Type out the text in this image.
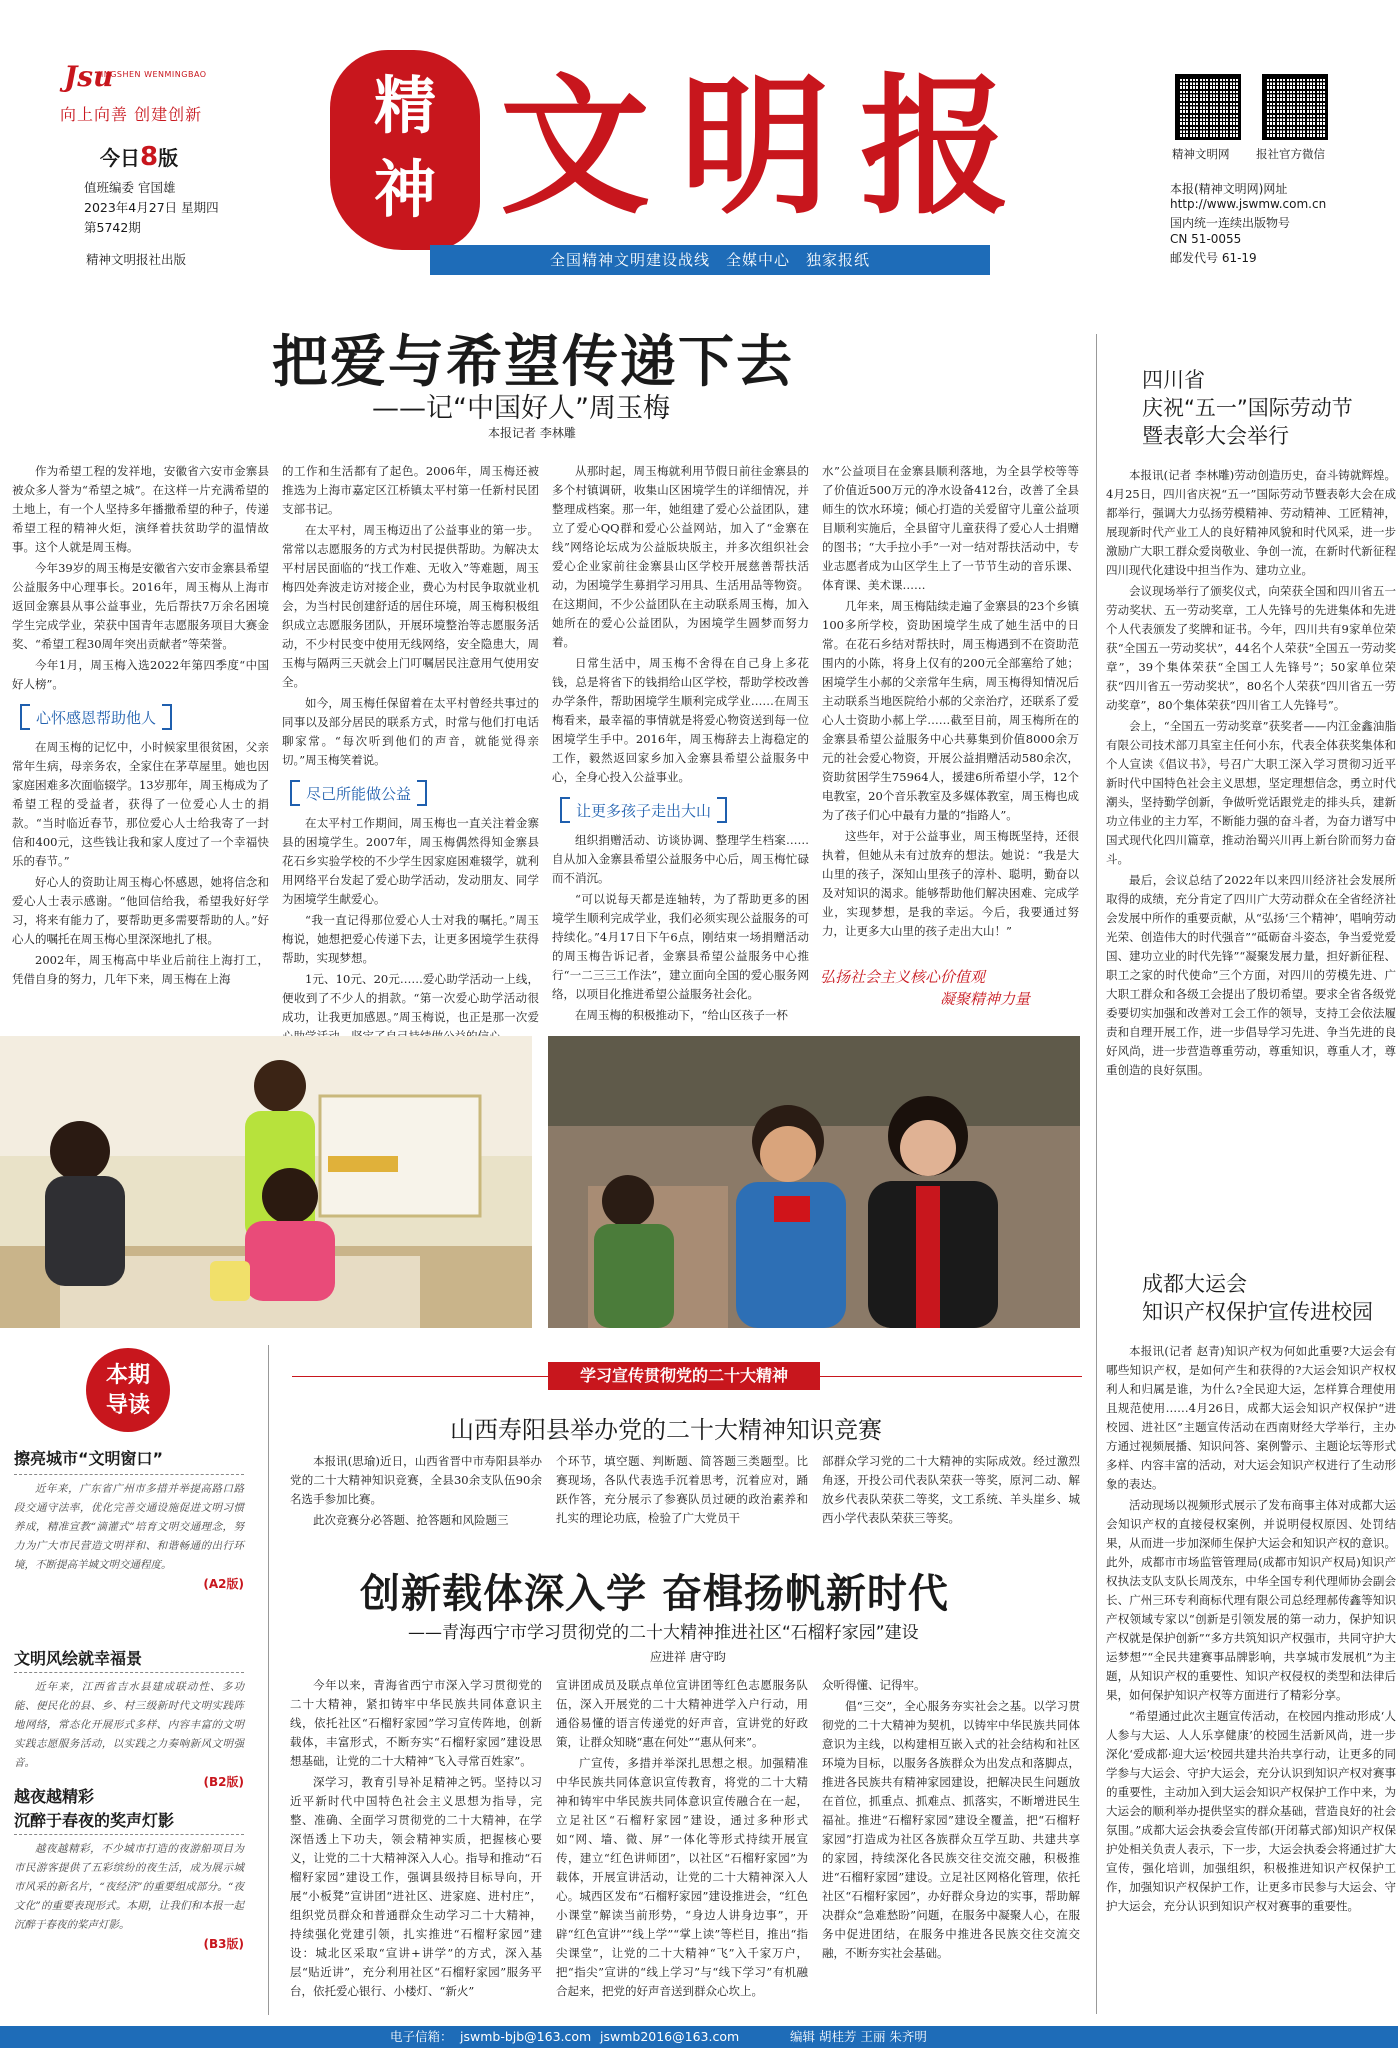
Jsu
JINGSHEN WENMINGBAO
向上向善 创建创新
今日8版
值班编委 官国雄
2023年4月27日 星期四
第5742期
精神文明报社出版
精神 文明报
全国精神文明建设战线　全媒中心　独家报纸
精神文明网 报社官方微信
本报(精神文明网)网址
http://www.jswmw.com.cn
国内统一连续出版物号
CN 51-0055
邮发代号 61-19
把爱与希望传递下去
——记“中国好人”周玉梅
本报记者 李林雕

作为希望工程的发祥地，安徽省六安市金寨县被众多人誉为“希望之城”。在这样一片充满希望的土地上，有一个人坚持多年播撒希望的种子，传递希望工程的精神火炬，演绎着扶贫助学的温情故事。这个人就是周玉梅。

今年39岁的周玉梅是安徽省六安市金寨县希望公益服务中心理事长。2016年，周玉梅从上海市返回金寨县从事公益事业，先后帮扶7万余名困境学生完成学业，荣获中国青年志愿服务项目大赛金奖、“希望工程30周年突出贡献者”等荣誉。

今年1月，周玉梅入选2022年第四季度“中国好人榜”。

心怀感恩帮助他人

在周玉梅的记忆中，小时候家里很贫困，父亲常年生病，母亲务农，全家住在茅草屋里。她也因家庭困难多次面临辍学。13岁那年，周玉梅成为了希望工程的受益者，获得了一位爱心人士的捐款。“当时临近春节，那位爱心人士给我寄了一封信和400元，这些钱让我和家人度过了一个幸福快乐的春节。”

好心人的资助让周玉梅心怀感恩，她将信念和爱心人士表示感谢。“他回信给我，希望我好好学习，将来有能力了，要帮助更多需要帮助的人。”好心人的嘱托在周玉梅心里深深地扎了根。

2002年，周玉梅高中毕业后前往上海打工，凭借自身的努力，几年下来，周玉梅在上海

的工作和生活都有了起色。2006年，周玉梅还被推选为上海市嘉定区江桥镇太平村第一任新村民团支部书记。

在太平村，周玉梅迈出了公益事业的第一步。常常以志愿服务的方式为村民提供帮助。为解决太平村居民面临的“找工作难、无收入”等难题，周玉梅四处奔波走访对接企业，费心为村民争取就业机会，为当村民创建舒适的居住环境，周玉梅积极组织成立志愿服务团队，开展环境整治等志愿服务活动，不少村民变中使用无线网络，安全隐患大，周玉梅与隔两三天就会上门叮嘱居民注意用气使用安全。

如今，周玉梅任保留着在太平村曾经共事过的同事以及部分居民的联系方式，时常与他们打电话聊家常。“每次听到他们的声音，就能觉得亲切。”周玉梅笑着说。

尽己所能做公益

在太平村工作期间，周玉梅也一直关注着金寨县的困境学生。2007年，周玉梅偶然得知金寨县花石乡实验学校的不少学生因家庭困难辍学，就利用网络平台发起了爱心助学活动，发动朋友、同学为困境学生献爱心。

“我一直记得那位爱心人士对我的嘱托。”周玉梅说，她想把爱心传递下去，让更多困境学生获得帮助，实现梦想。

1元、10元、20元……爱心助学活动一上线，便收到了不少人的捐款。“第一次爱心助学活动很成功，让我更加感恩。”周玉梅说，也正是那一次爱

从那时起，周玉梅就利用节假日前往金寨县的多个村镇调研，收集山区困境学生的详细情况，并整理成档案。那一年，她组建了爱心公益团队，建立了爱心QQ群和爱心公益网站，加入了“金寨在线”网络论坛成为公益版块版主，并多次组织社会爱心企业家前往金寨县山区学校开展慈善帮扶活动，为困境学生募捐学习用具、生活用品等物资。在这期间，不少公益团队在主动联系周玉梅，加入她所在的爱心公益团队，为困境学生圆梦而努力着。

日常生活中，周玉梅不舍得在自己身上多花钱，总是将省下的钱捐给山区学校，帮助学校改善办学条件，帮助困境学生顺利完成学业……在周玉梅看来，最幸福的事情就是将爱心物资送到每一位困境学生手中。2016年，周玉梅辞去上海稳定的工作，毅然返回家乡加入金寨县希望公益服务中心，全身心投入公益事业。

让更多孩子走出大山

组织捐赠活动、访谈协调、整理学生档案……自从加入金寨县希望公益服务中心后，周玉梅忙碌而不消沉。

“可以说每天都是连轴转，为了帮助更多的困境学生顺利完成学业，我们必须实现公益服务的可持续化。”4月17日下午6点，刚结束一场捐赠活动的周玉梅告诉记者，金寨县希望公益服务中心推行“一二三三工作法”，建立面向全国的爱心服务网络，以项目化推进希望公益服务社会化。

在周玉梅的积极推动下，“给山区孩子一杯

水”公益项目在金寨县顺利落地，为全县学校等等了价值近500万元的净水设备412台，改善了全县师生的饮水环境；倾心打造的关爱留守儿童公益项目顺利实施后，全县留守儿童获得了爱心人士捐赠的图书；“大手拉小手”一对一结对帮扶活动中，专业志愿者成为山区学生上了一节节生动的音乐课、体育课、美术课……

几年来，周玉梅陆续走遍了金寨县的23个乡镇100多所学校，资助困境学生成了她生活中的日常。在花石乡结对帮扶时，周玉梅遇到不在资助范围内的小陈，将身上仅有的200元全部塞给了她；困境学生小郝的父亲常年生病，周玉梅得知情况后主动联系当地医院给小郝的父亲治疗，还联系了爱心人士资助小郝上学……截至目前，周玉梅所在的金寨县希望公益服务中心共募集到价值8000余万元的社会爱心物资，开展公益捐赠活动580余次，资助贫困学生75964人，援建6所希望小学，12个电教室，20个音乐教室及多媒体教室，周玉梅也成为了孩子们心中最有力量的“指路人”。

这些年，对于公益事业，周玉梅既坚持，还很执着，但她从未有过放弃的想法。她说：“我是大山里的孩子，深知山里孩子的淳朴、聪明，勤奋以及对知识的渴求。能够帮助他们解决困难、完成学业，实现梦想，是我的幸运。今后，我要通过努力，让更多大山里的孩子走出大山！”

弘扬社会主义核心价值观
凝聚精神力量
四川省
庆祝“五一”国际劳动节
暨表彰大会举行

本报讯(记者 李林雕)劳动创造历史，奋斗铸就辉煌。4月25日，四川省庆祝“五一”国际劳动节暨表彰大会在成都举行，强调大力弘扬劳模精神、劳动精神、工匠精神，展现新时代产业工人的良好精神风貌和时代风采，进一步激励广大职工群众爱岗敬业、争创一流，在新时代新征程四川现代化建设中担当作为、建功立业。

会议现场举行了颁奖仪式，向荣获全国和四川省五一劳动奖状、五一劳动奖章，工人先锋号的先进集体和先进个人代表颁发了奖牌和证书。今年，四川共有9家单位荣获“全国五一劳动奖状”，44名个人荣获“全国五一劳动奖章”，39个集体荣获“全国工人先锋号”；50家单位荣获“四川省五一劳动奖状”，80名个人荣获“四川省五一劳动奖章”，80个集体荣获“四川省工人先锋号”。

会上，“全国五一劳动奖章”获奖者——内江金鑫油脂有限公司技术部刀具室主任何小东，代表全体获奖集体和个人宣读《倡议书》，号召广大职工深入学习贯彻习近平新时代中国特色社会主义思想，坚定理想信念，勇立时代潮头，坚持勤学创新，争做听党话跟党走的排头兵，建新功立伟业的主力军，不断能力强的奋斗者，为奋力谱写中国式现代化四川篇章，推动治蜀兴川再上新台阶而努力奋斗。

最后，会议总结了2022年以来四川经济社会发展所取得的成绩，充分肯定了四川广大劳动群众在全省经济社会发展中所作的重要贡献，从“弘扬‘三个精神’，唱响劳动光荣、创造伟大的时代强音”“砥砺奋斗姿态，争当爱党爱国、建功立业的时代先锋”“凝聚发展力量，担好新征程、职工之家的时代使命”三个方面，对四川的劳模先进、广大职工群众和各级工会提出了殷切希望。要求全省各级党委要切实加强和改善对工会工作的领导，支持工会依法履责和自理开展工作，进一步倡导学习先进、争当先进的良好风尚，进一步营造尊重劳动，尊重知识，尊重人才，尊重创造的良好氛围。

成都大运会
知识产权保护宣传进校园

本报讯(记者 赵青)知识产权为何如此重要?大运会有哪些知识产权，是如何产生和获得的?大运会知识产权权利人和归属是谁，为什么?全民迎大运，怎样算合理使用且规范使用……4月26日，成都大运会知识产权保护“进校园、进社区”主题宣传活动在西南财经大学举行，主办方通过视频展播、知识问答、案例警示、主题论坛等形式多样、内容丰富的活动，对大运会知识产权进行了生动形象的表达。

活动现场以视频形式展示了发布商事主体对成都大运会知识产权的直接侵权案例，并说明侵权原因、处罚结果，从而进一步加深师生保护大运会和知识产权的意识。此外，成都市市场监管管理局(成都市知识产权局)知识产权执法支队支队长周茂东，中华全国专利代理师协会副会长、广州三环专利商标代理有限公司总经理郝传鑫等知识产权领域专家以“创新是引领发展的第一动力，保护知识产权就是保护创新”“多方共筑知识产权强市，共同守护大运梦想”“全民共建赛事品牌影响，共享城市发展机”为主题，从知识产权的重要性、知识产权侵权的类型和法律后果，如何保护知识产权等方面进行了精彩分享。

“希望通过此次主题宣传活动，在校园内推动形成‘人人参与大运、人人乐享健康’的校园生活新风尚，进一步深化‘爱成都·迎大运’校园共建共治共享行动，让更多的同学参与大运会、守护大运会，充分认识到知识产权对赛事的重要性，主动加入到大运会知识产权保护工作中来，为大运会的顺利举办提供坚实的群众基础，营造良好的社会氛围。”成都大运会执委会宣传部(开闭幕式部)知识产权保护处相关负责人表示，下一步，大运会执委会将通过扩大宣传，强化培训，加强组织，积极推进知识产权保护工作，加强知识产权保护工作，让更多市民参与大运会、守护大运会，充分认识到知识产权对赛事的重要性。

本期
导读
擦亮城市“文明窗口”

近年来，广东省广州市多措并举提高路口路段交通守法率，优化完善交通设施促进文明习惯养成，精准宣教“滴灌式”培育文明交通理念，努力为广大市民营造文明祥和、和谐畅通的出行环境，不断提高羊城文明交通程度。

(A2版)
文明风绘就幸福景

近年来，江西省吉水县建成联动性、多功能、便民化的县、乡、村三级新时代文明实践阵地网络，常态化开展形式多样、内容丰富的文明实践志愿服务活动，以实践之力奏响新风文明强音。

(B2版)
越夜越精彩
沉醉于春夜的奖声灯影

越夜越精彩，不少城市打造的夜游船项目为市民游客提供了五彩缤纷的夜生活，成为展示城市风采的新名片，“夜经济”的重要组成部分。“夜文化”的重要表现形式。本期，让我们和本报一起沉醉于春夜的桨声灯影。

(B3版)
学习宣传贯彻党的二十大精神
山西寿阳县举办党的二十大精神知识竞赛

本报讯(思瑜)近日，山西省晋中市寿阳县举办党的二十大精神知识竞赛，全县30余支队伍90余名选手参加比赛。

此次竞赛分必答题、抢答题和风险题三

个环节，填空题、判断题、简答题三类题型。比赛现场，各队代表选手沉着思考，沉着应对，踊跃作答，充分展示了参赛队员过硬的政治素养和扎实的理论功底，检验了广大党员干

部群众学习党的二十大精神的实际成效。经过激烈角逐，开投公司代表队荣获一等奖，原河二动、解放乡代表队荣获二等奖，文工系统、羊头崖乡、城西小学代表队荣获三等奖。

创新载体深入学 奋楫扬帆新时代
——青海西宁市学习贯彻党的二十大精神推进社区“石榴籽家园”建设
应进祥 唐守昀

今年以来，青海省西宁市深入学习贯彻党的二十大精神，紧扣铸牢中华民族共同体意识主线，依托社区“石榴籽家园”学习宣传阵地，创新载体，丰富形式，不断夯实“石榴籽家园”建设思想基础，让党的二十大精神“飞入寻常百姓家”。

深学习，教育引导补足精神之钙。坚持以习近平新时代中国特色社会主义思想为指导，完整、准确、全面学习贯彻党的二十大精神，在学深悟透上下功夫，领会精神实质，把握核心要义，让党的二十大精神深入人心。指导和推动“石榴籽家园”建设工作，强调县级持目标导向，开展“小板凳”宣讲团“进社区、进家庭、进村庄”，组织党员群众和普通群众生动学习二十大精神，持续强化党建引领，扎实推进“石榴籽家园”建设：城北区采取“宣讲+讲学”的方式，深入基层“贴近讲”，充分利用社区“石榴籽家园”服务平台，依托爱心银行、小楼灯、“新火”

宣讲团成员及联点单位宣讲团等红色志愿服务队伍，深入开展党的二十大精神进学入户行动，用通俗易懂的语言传递党的好声音，宣讲党的好政策，让群众知晓“惠在何处”“惠从何来”。

广宣传，多措并举深扎思想之根。加强精准中华民族共同体意识宣传教育，将党的二十大精神和铸牢中华民族共同体意识宣传融合在一起，立足社区“石榴籽家园”建设，通过多种形式如“网、墙、微、屏”一体化等形式持续开展宣传，建立“红色讲师团”，以社区“石榴籽家园”为载体，开展宣讲活动，让党的二十大精神深入人心。城西区发布“石榴籽家园”建设推进会，“红色小课堂”解读当前形势，“身边人讲身边事”，开辟“红色宣讲”“线上学”“掌上读”等栏目，推出“指尖课堂”，让党的二十大精神“飞”入千家万户，把“指尖”宣讲的“线上学习”与“线下学习”有机融合起来，把党的好声音送到群众心坎上。

众听得懂、记得牢。

倡“三交”，全心服务夯实社会之基。以学习贯彻党的二十大精神为契机，以铸牢中华民族共同体意识为主线，以构建相互嵌入式的社会结构和社区环境为目标，以服务各族群众为出发点和落脚点，推进各民族共有精神家园建设，把解决民生问题放在首位，抓重点、抓难点、抓落实，不断增进民生福祉。推进“石榴籽家园”建设全覆盖，把“石榴籽家园”打造成为社区各族群众互学互助、共建共享的家园，持续深化各民族交往交流交融，积极推进“石榴籽家园”建设。立足社区网格化管理，依托社区“石榴籽家园”，办好群众身边的实事，帮助解决群众“急难愁盼”问题，在服务中凝聚人心，在服务中促进团结，在服务中推进各民族交往交流交融，不断夯实社会基础。

电子信箱： jswmb-bjb@163.com jswmb2016@163.com	编辑 胡桂芳 王丽 朱齐明
